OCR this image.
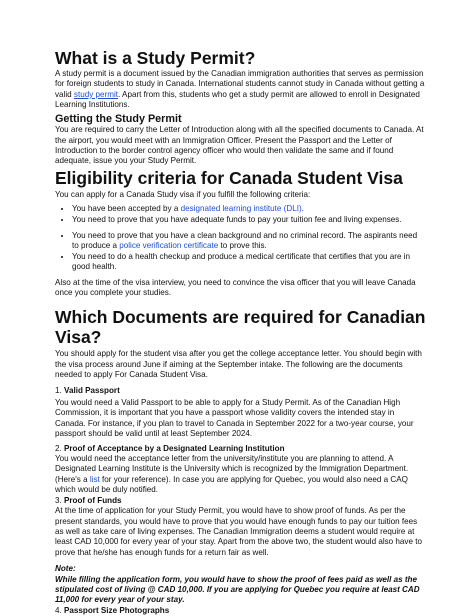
What is a Study Permit?

A study permit is a document issued by the Canadian immigration authorities that serves as permission for foreign students to study in Canada. International students cannot study in Canada without getting a valid study permit. Apart from this, students who get a study permit are allowed to enroll in Designated Learning Institutions.

Getting the Study Permit

You are required to carry the Letter of Introduction along with all the specified documents to Canada. At the airport, you would meet with an Immigration Officer. Present the Passport and the Letter of Introduction to the border control agency officer who would then validate the same and if found adequate, issue you your Study Permit.

Eligibility criteria for Canada Student Visa

You can apply for a Canada Study visa if you fulfill the following criteria:

• You have been accepted by a designated learning institute (DLI).
• You need to prove that you have adequate funds to pay your tuition fee and living expenses.
• You need to prove that you have a clean background and no criminal record. The aspirants need to produce a police verification certificate to prove this.
• You need to do a health checkup and produce a medical certificate that certifies that you are in good health.

Also at the time of the visa interview, you need to convince the visa officer that you will leave Canada once you complete your studies.

Which Documents are required for Canadian Visa?

You should apply for the student visa after you get the college acceptance letter. You should begin with the visa process around June if aiming at the September intake. The following are the documents needed to apply For Canada Student Visa.

1. Valid Passport

You would need a Valid Passport to be able to apply for a Study Permit. As of the Canadian High Commission, it is important that you have a passport whose validity covers the intended stay in Canada. For instance, if you plan to travel to Canada in September 2022 for a two-year course, your passport should be valid until at least September 2024.

2. Proof of Acceptance by a Designated Learning Institution

You would need the acceptance letter from the university/institute you are planning to attend. A Designated Learning Institute is the University which is recognized by the Immigration Department. (Here's a list for your reference). In case you are applying for Quebec, you would also need a CAQ which would be duly notified.

3. Proof of Funds

At the time of application for your Study Permit, you would have to show proof of funds. As per the present standards, you would have to prove that you would have enough funds to pay our tuition fees as well as take care of living expenses. The Canadian Immigration deems a student would require at least CAD 10,000 for every year of your stay. Apart from the above two, the student would also have to prove that he/she has enough funds for a return fair as well.

Note:

While filling the application form, you would have to show the proof of fees paid as well as the stipulated cost of living @ CAD 10,000. If you are applying for Quebec you require at least CAD 11,000 for every year of your stay.

4. Passport Size Photographs
